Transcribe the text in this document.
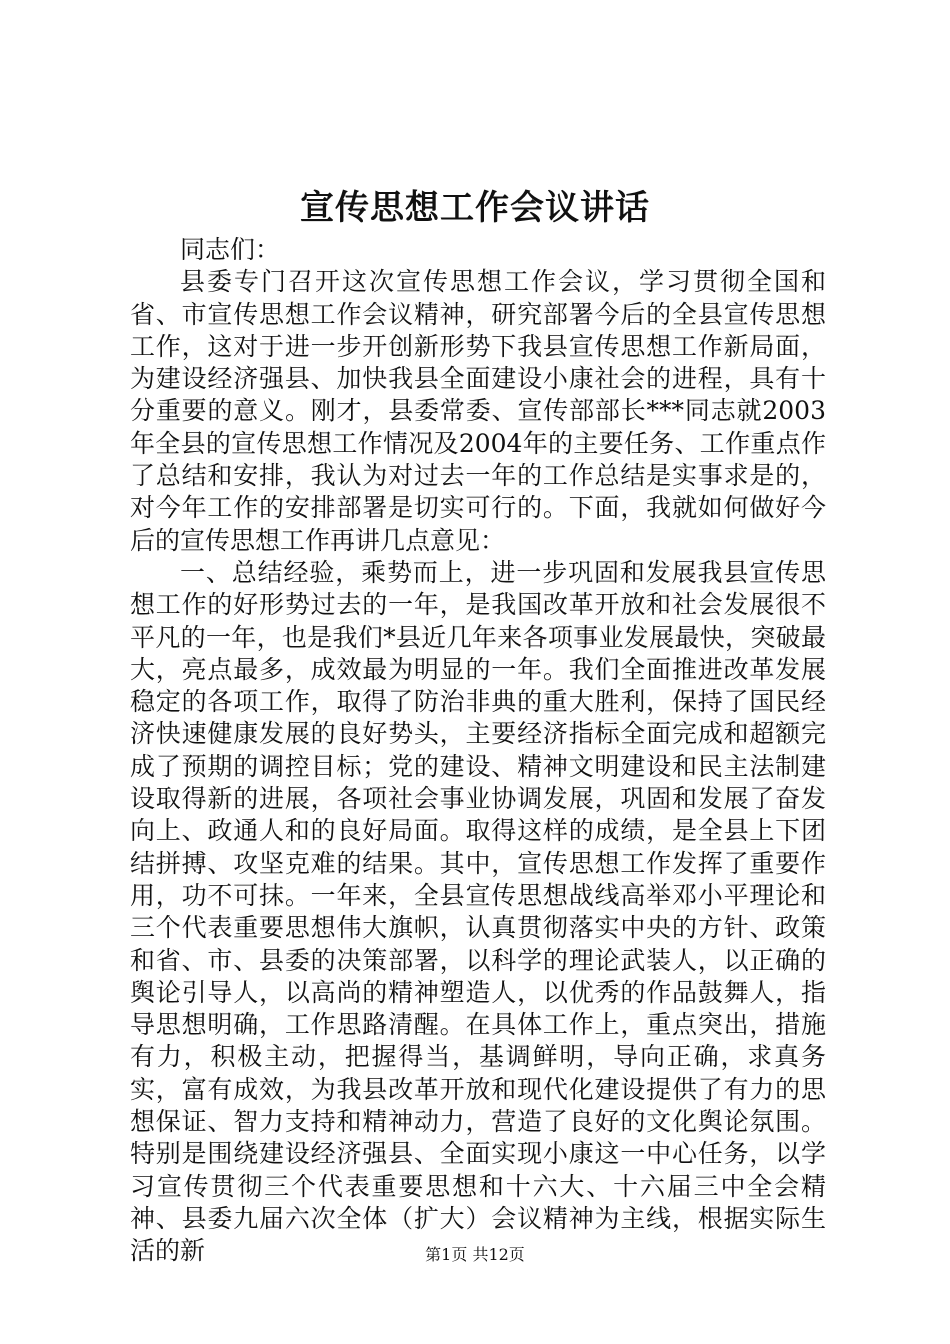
宣传思想工作会议讲话

同志们：

县委专门召开这次宣传思想工作会议，学习贯彻全国和省、市宣传思想工作会议精神，研究部署今后的全县宣传思想工作，这对于进一步开创新形势下我县宣传思想工作新局面，为建设经济强县、加快我县全面建设小康社会的进程，具有十分重要的意义。刚才，县委常委、宣传部部长***同志就2003年全县的宣传思想工作情况及2004年的主要任务、工作重点作了总结和安排，我认为对过去一年的工作总结是实事求是的，对今年工作的安排部署是切实可行的。下面，我就如何做好今后的宣传思想工作再讲几点意见：

一、总结经验，乘势而上，进一步巩固和发展我县宣传思想工作的好形势过去的一年，是我国改革开放和社会发展很不平凡的一年，也是我们*县近几年来各项事业发展最快，突破最大，亮点最多，成效最为明显的一年。我们全面推进改革发展稳定的各项工作，取得了防治非典的重大胜利，保持了国民经济快速健康发展的良好势头，主要经济指标全面完成和超额完成了预期的调控目标；党的建设、精神文明建设和民主法制建设取得新的进展，各项社会事业协调发展，巩固和发展了奋发向上、政通人和的良好局面。取得这样的成绩，是全县上下团结拼搏、攻坚克难的结果。其中，宣传思想工作发挥了重要作用，功不可抹。一年来，全县宣传思想战线高举邓小平理论和三个代表重要思想伟大旗帜，认真贯彻落实中央的方针、政策和省、市、县委的决策部署，以科学的理论武装人，以正确的舆论引导人，以高尚的精神塑造人，以优秀的作品鼓舞人，指导思想明确，工作思路清醒。在具体工作上，重点突出，措施有力，积极主动，把握得当，基调鲜明，导向正确，求真务实，富有成效，为我县改革开放和现代化建设提供了有力的思想保证、智力支持和精神动力，营造了良好的文化舆论氛围。特别是围绕建设经济强县、全面实现小康这一中心任务，以学习宣传贯彻三个代表重要思想和十六大、十六届三中全会精神、县委九届六次全体（扩大）会议精神为主线，根据实际生活的新	第1页 共12页
